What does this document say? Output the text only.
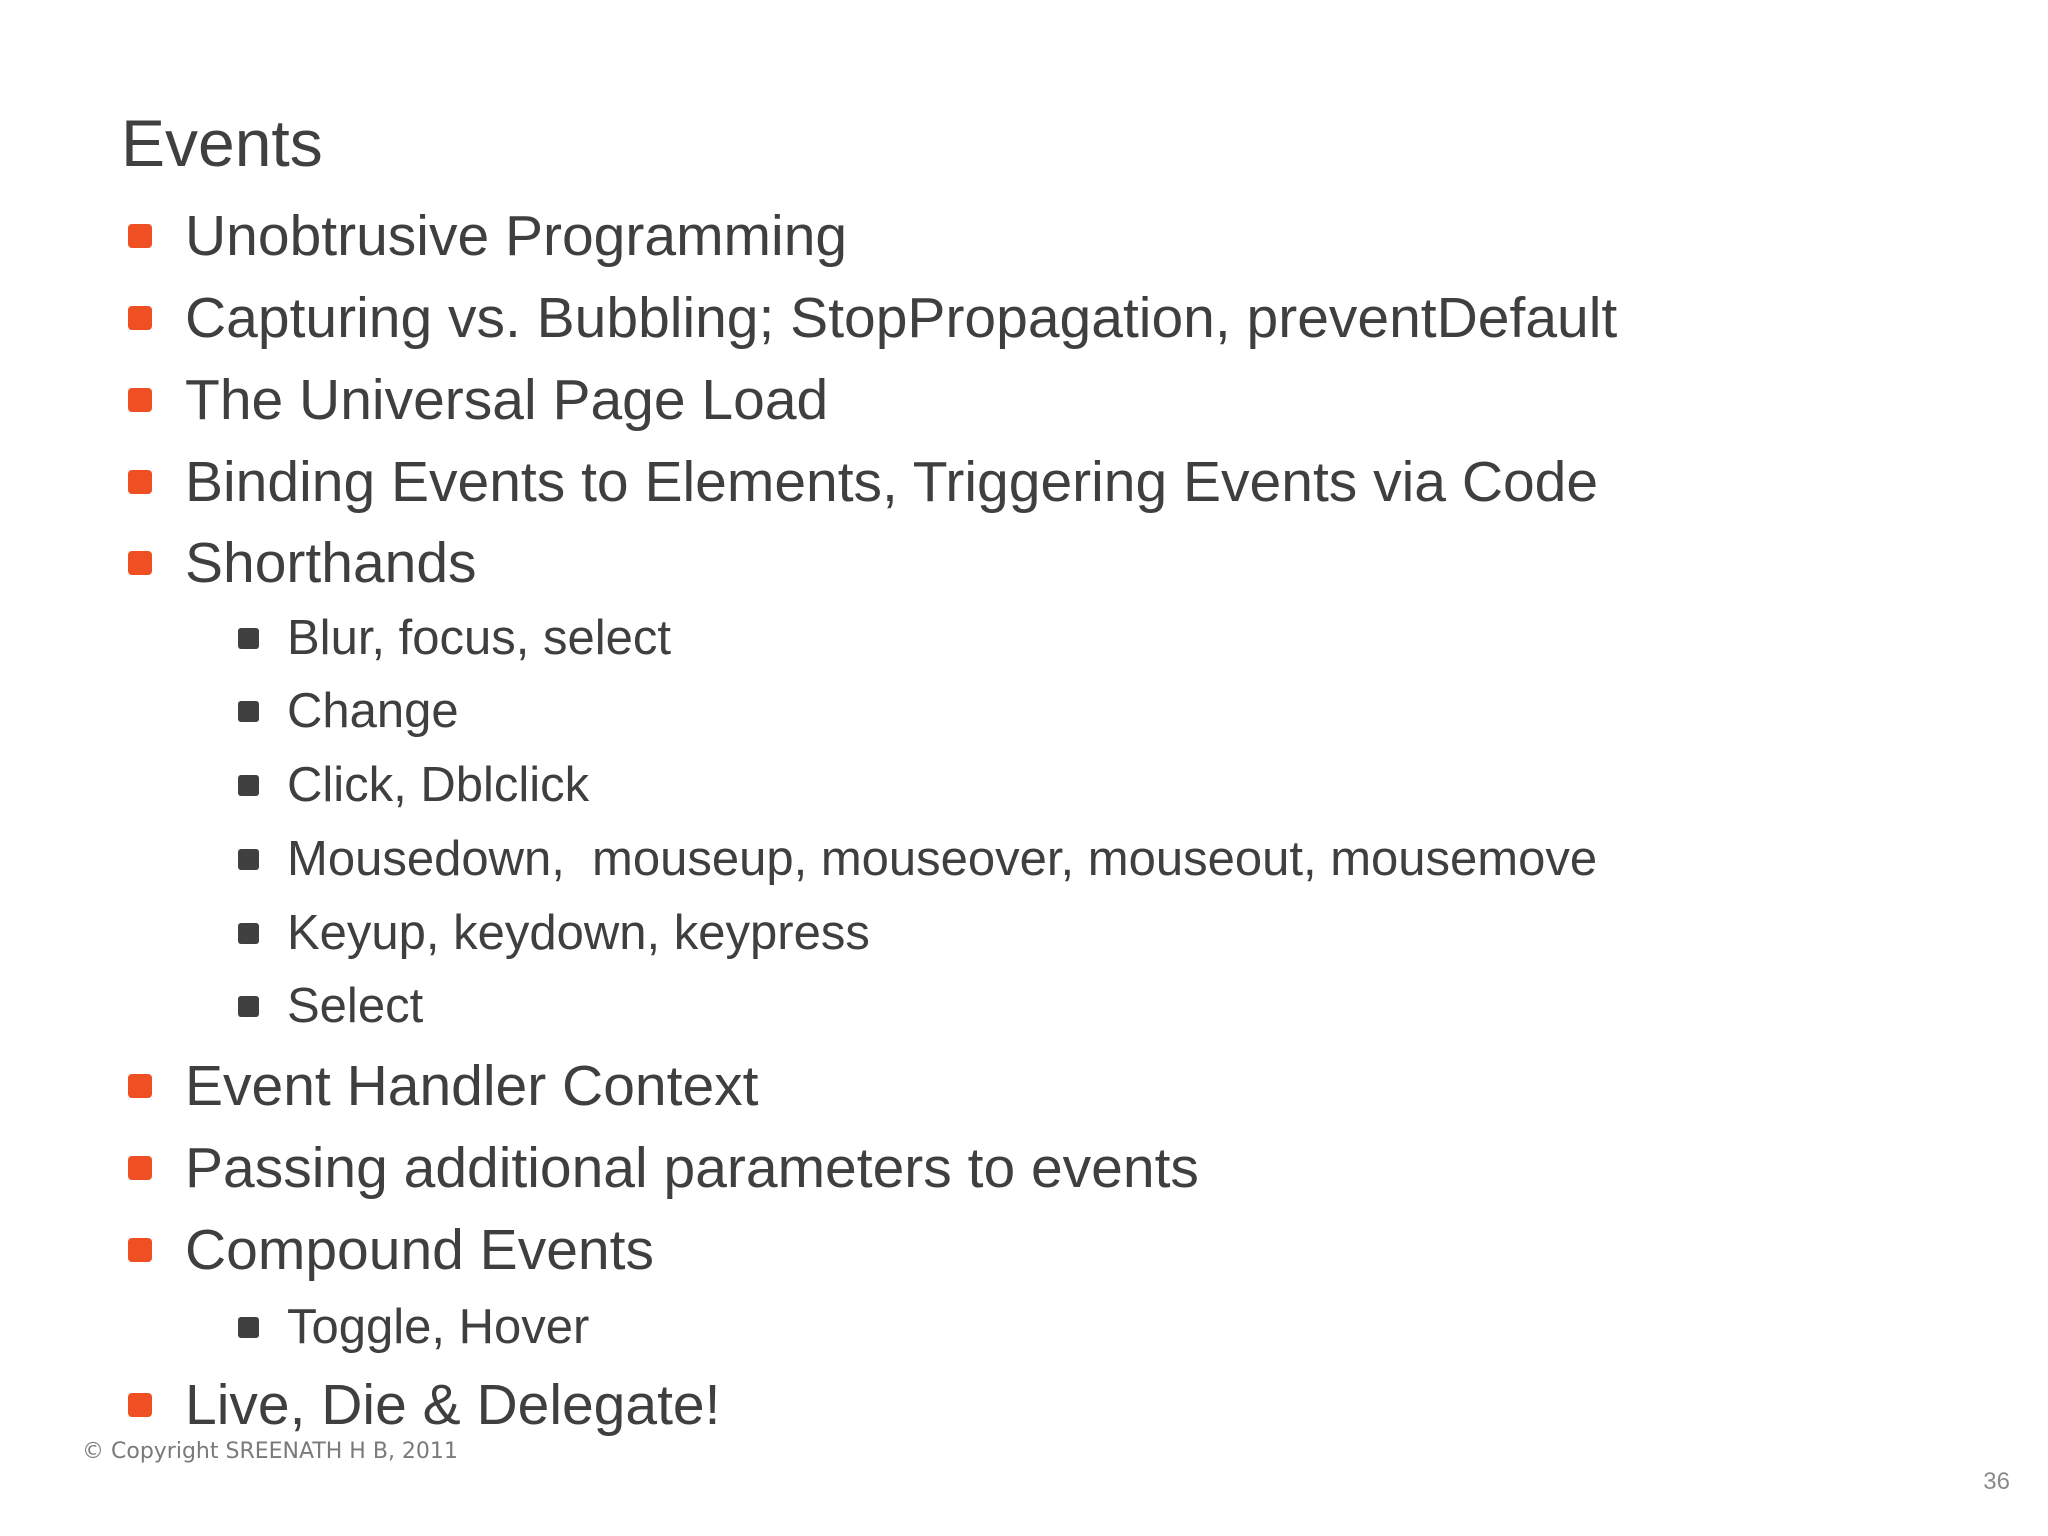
Events
Unobtrusive Programming
Capturing vs. Bubbling; StopPropagation, preventDefault
The Universal Page Load
Binding Events to Elements, Triggering Events via Code
Shorthands
Blur, focus, select
Change
Click, Dblclick
Mousedown,  mouseup, mouseover, mouseout, mousemove
Keyup, keydown, keypress
Select
Event Handler Context
Passing additional parameters to events
Compound Events
Toggle, Hover
Live, Die & Delegate!
© Copyright SREENATH H B, 2011
36
